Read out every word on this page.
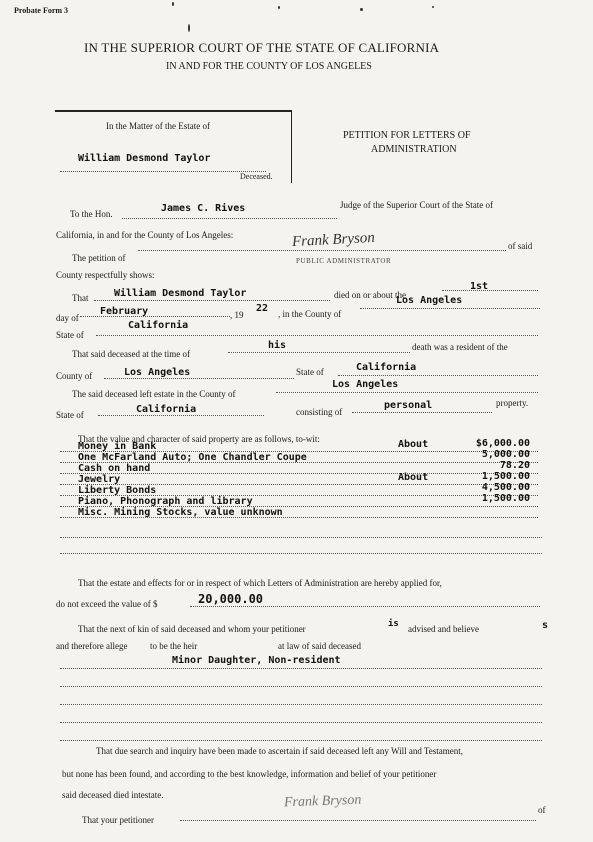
Probate Form 3
IN THE SUPERIOR COURT OF THE STATE OF CALIFORNIA
IN AND FOR THE COUNTY OF LOS ANGELES
In the Matter of the Estate of
William Desmond Taylor
Deceased.
PETITION FOR LETTERS OF
ADMINISTRATION
To the Hon.	James C. Rives	Judge of the Superior Court of the State of
California, in and for the County of Los Angeles:
The petition of
Frank Bryson	of said
PUBLIC ADMINISTRATOR
County respectfully shows:
That	William Desmond Taylor	died on or about the
1st
day of
February	, 19
22 , in the County of
Los Angeles
State of
California
That said deceased at the time of
his	death was a resident of the
County of	Los Angeles	State of	California
The said deceased left estate in the County of
Los Angeles
State of	California	consisting of
personal	property.
That the value and character of said property are as follows, to-wit:
Money in Bank	About	$6,000.00
One McFarland Auto; One Chandler Coupe	5,000.00
Cash on hand	78.20
Jewelry	About	1,500.00
Liberty Bonds	4,500.00
Piano, Phonograph and library	1,500.00
Misc. Mining Stocks, value unknown
That the estate and effects for or in respect of which Letters of Administration are hereby applied for,
do not exceed the value of $	20,000.00
That the next of kin of said deceased and whom your petitioner	is advised and believe	s
and therefore allege	to be the heir	at law of said deceased
Minor Daughter, Non-resident
That due search and inquiry have been made to ascertain if said deceased left any Will and Testament,
but none has been found, and according to the best knowledge, information and belief of your petitioner
said deceased died intestate.
That your petitioner
Frank Bryson	of
